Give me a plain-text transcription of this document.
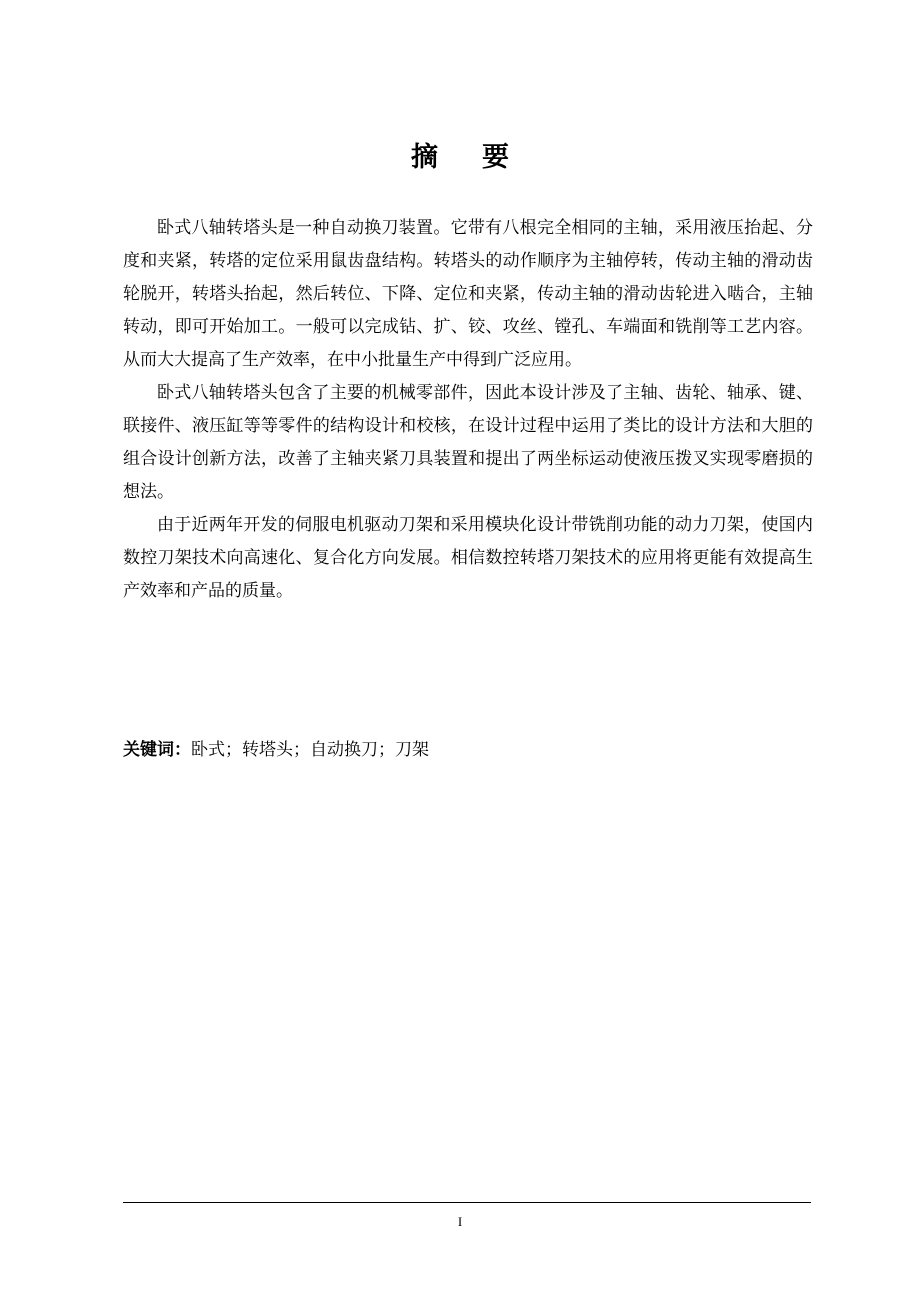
摘要

卧式八轴转塔头是一种自动换刀装置。它带有八根完全相同的主轴，采用液压抬起、分度和夹紧，转塔的定位采用鼠齿盘结构。转塔头的动作顺序为主轴停转，传动主轴的滑动齿轮脱开，转塔头抬起，然后转位、下降、定位和夹紧，传动主轴的滑动齿轮进入啮合，主轴转动，即可开始加工。一般可以完成钻、扩、铰、攻丝、镗孔、车端面和铣削等工艺内容。从而大大提高了生产效率，在中小批量生产中得到广泛应用。

卧式八轴转塔头包含了主要的机械零部件，因此本设计涉及了主轴、齿轮、轴承、键、联接件、液压缸等等零件的结构设计和校核，在设计过程中运用了类比的设计方法和大胆的组合设计创新方法，改善了主轴夹紧刀具装置和提出了两坐标运动使液压拨叉实现零磨损的想法。

由于近两年开发的伺服电机驱动刀架和采用模块化设计带铣削功能的动力刀架，使国内数控刀架技术向高速化、复合化方向发展。相信数控转塔刀架技术的应用将更能有效提高生产效率和产品的质量。

关键词：卧式；转塔头；自动换刀；刀架
I
